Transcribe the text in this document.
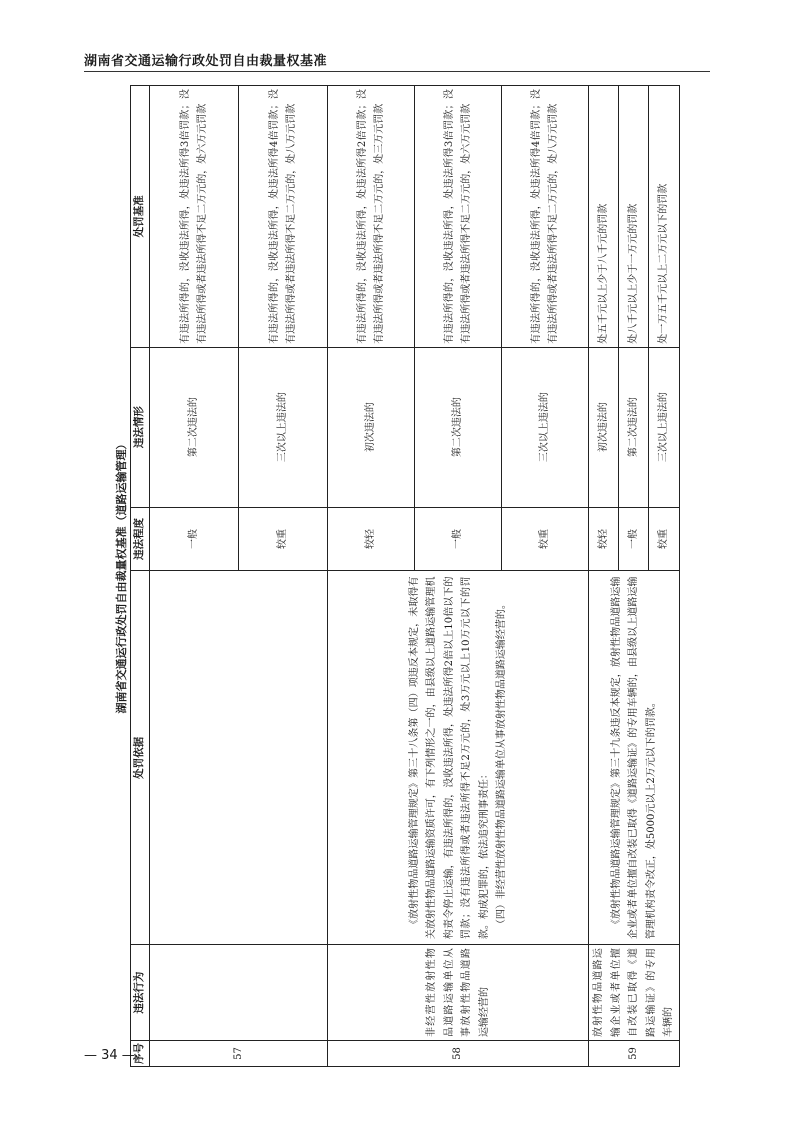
湖南省交通运输行政处罚自由裁量权基准
湖南省交通运行政处罚自由裁量权基准（道路运输管理）
序号	违法行为	处罚依据	违法程度	违法情形	处罚基准
57			一般	第二次违法的	有违法所得的，没收违法所得，处违法所得3倍罚款；没有违法所得或者违法所得不足二万元的，处六万元罚款
			较重	三次以上违法的	有违法所得的，没收违法所得，处违法所得4倍罚款；没有违法所得或者违法所得不足二万元的，处八万元罚款
58	非经营性放射性物品道路运输单位从事放射性物品道路运输经营的	《放射性物品道路运输管理规定》第三十八条第（四）项违反本规定，未取得有关放射性物品道路运输资质许可，有下列情形之一的，由县级以上道路运输管理机构责令停止运输，有违法所得的，没收违法所得，处违法所得2倍以上10倍以下的罚款；没有违法所得或者违法所得不足2万元的，处3万元以上10万元以下的罚款。构成犯罪的，依法追究刑事责任： （四）非经营性放射性物品道路运输单位从事放射性物品道路运输经营的。	较轻	初次违法的	有违法所得的，没收违法所得，处违法所得2倍罚款；没有违法所得或者违法所得不足二万元的，处三万元罚款
			一般	第二次违法的	有违法所得的，没收违法所得，处违法所得3倍罚款；没有违法所得或者违法所得不足二万元的，处六万元罚款
			较重	三次以上违法的	有违法所得的，没收违法所得，处违法所得4倍罚款；没有违法所得或者违法所得不足二万元的，处八万元罚款
59	放射性物品道路运输企业或者单位擅自改装已取得《道路运输证》的专用车辆的	《放射性物品道路运输管理规定》第三十九条违反本规定，放射性物品道路运输企业或者单位擅自改装已取得《道路运输证》的专用车辆的，由县级以上道路运输管理机构责令改正，处5000元以上2万元以下的罚款。	较轻	初次违法的	处五千元以上少于八千元的罚款
			一般	第二次违法的	处八千元以上少于一万元的罚款
			较重	三次以上违法的	处一万五千元以上二万元以下的罚款
— 34 —
